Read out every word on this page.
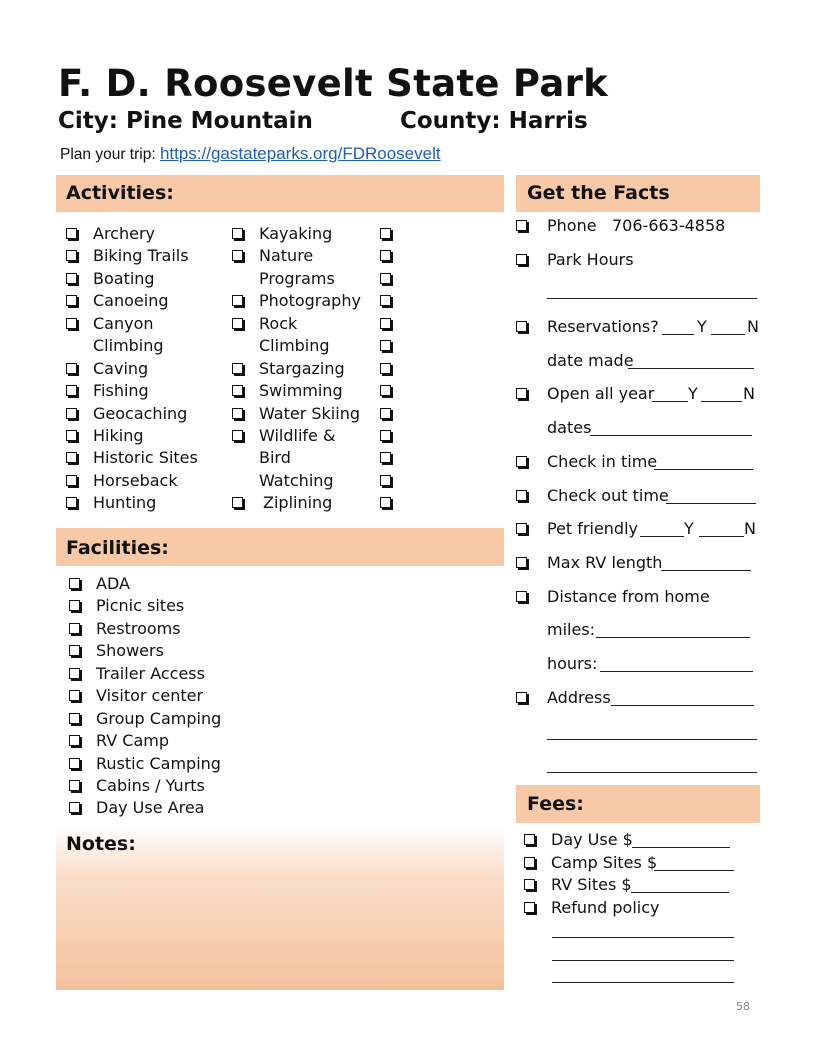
F. D. Roosevelt State Park
City: Pine Mountain	County: Harris
Plan your trip: https://gastateparks.org/FDRoosevelt
Activities:
Archery
Biking Trails
Boating
Canoeing
Canyon
Climbing
Caving
Fishing
Geocaching
Hiking
Historic Sites
Horseback
Hunting
Kayaking
Nature
Programs
Photography
Rock
Climbing
Stargazing
Swimming
Water Skiing
Wildlife &
Bird
Watching
Ziplining
Facilities:
ADA
Picnic sites
Restrooms
Showers
Trailer Access
Visitor center
Group Camping
RV Camp
Rustic Camping
Cabins / Yurts
Day Use Area
Notes:
Get the Facts
Phone 706-663-4858
Park Hours
Reservations? Y	N
date made
Open all year Y	N
dates
Check in time
Check out time
Pet friendly	Y	N
Max RV length
Distance from home
miles:
hours:
Address
Fees:
Day Use $
Camp Sites $
RV Sites $
Refund policy
58
